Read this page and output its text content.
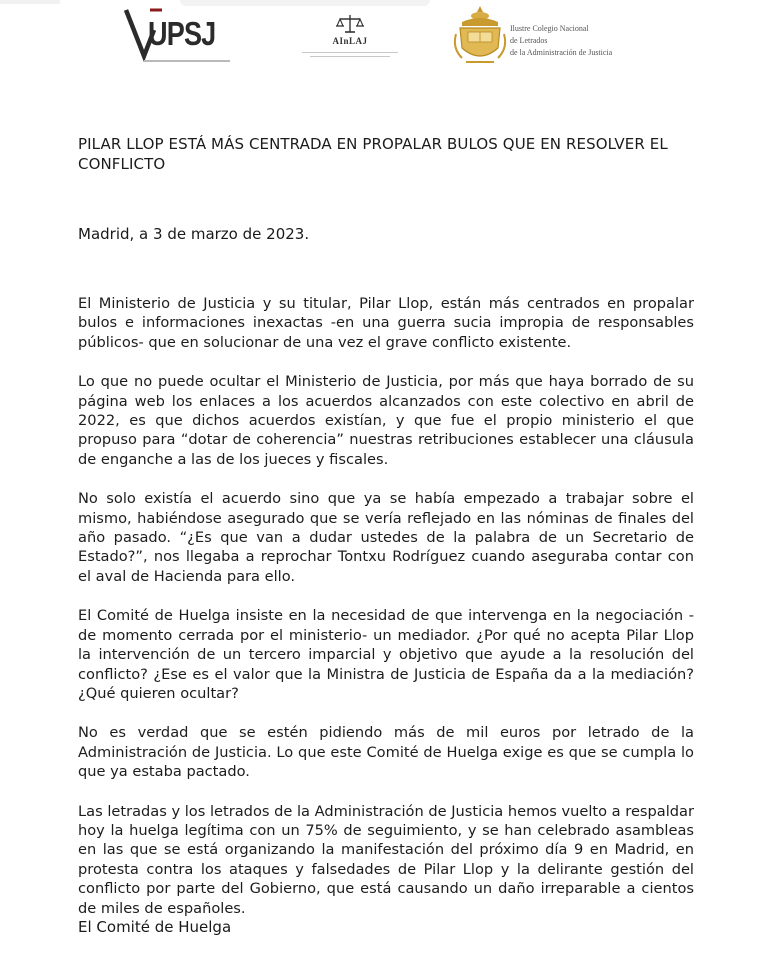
UPSJ	AInLAJ
Ilustre Colegio Nacional
de Letrados
de la Administración de Justicia
PILAR LLOP ESTÁ MÁS CENTRADA EN PROPALAR BULOS QUE EN RESOLVER EL CONFLICTO

Madrid, a 3 de marzo de 2023.

El Ministerio de Justicia y su titular, Pilar Llop, están más centrados en propalar bulos e informaciones inexactas -en una guerra sucia impropia de responsables públicos- que en solucionar de una vez el grave conflicto existente.

Lo que no puede ocultar el Ministerio de Justicia, por más que haya borrado de su página web los enlaces a los acuerdos alcanzados con este colectivo en abril de 2022, es que dichos acuerdos existían, y que fue el propio ministerio el que propuso para “dotar de coherencia” nuestras retribuciones establecer una cláusula de enganche a las de los jueces y fiscales.

No solo existía el acuerdo sino que ya se había empezado a trabajar sobre el mismo, habiéndose asegurado que se vería reflejado en las nóminas de finales del año pasado. “¿Es que van a dudar ustedes de la palabra de un Secretario de Estado?”, nos llegaba a reprochar Tontxu Rodríguez cuando aseguraba contar con el aval de Hacienda para ello.

El Comité de Huelga insiste en la necesidad de que intervenga en la negociación -de momento cerrada por el ministerio- un mediador. ¿Por qué no acepta Pilar Llop la intervención de un tercero imparcial y objetivo que ayude a la resolución del conflicto? ¿Ese es el valor que la Ministra de Justicia de España da a la mediación? ¿Qué quieren ocultar?

No es verdad que se estén pidiendo más de mil euros por letrado de la Administración de Justicia. Lo que este Comité de Huelga exige es que se cumpla lo que ya estaba pactado.

Las letradas y los letrados de la Administración de Justicia hemos vuelto a respaldar hoy la huelga legítima con un 75% de seguimiento, y se han celebrado asambleas en las que se está organizando la manifestación del próximo día 9 en Madrid, en protesta contra los ataques y falsedades de Pilar Llop y la delirante gestión del conflicto por parte del Gobierno, que está causando un daño irreparable a cientos de miles de españoles.

El Comité de Huelga
